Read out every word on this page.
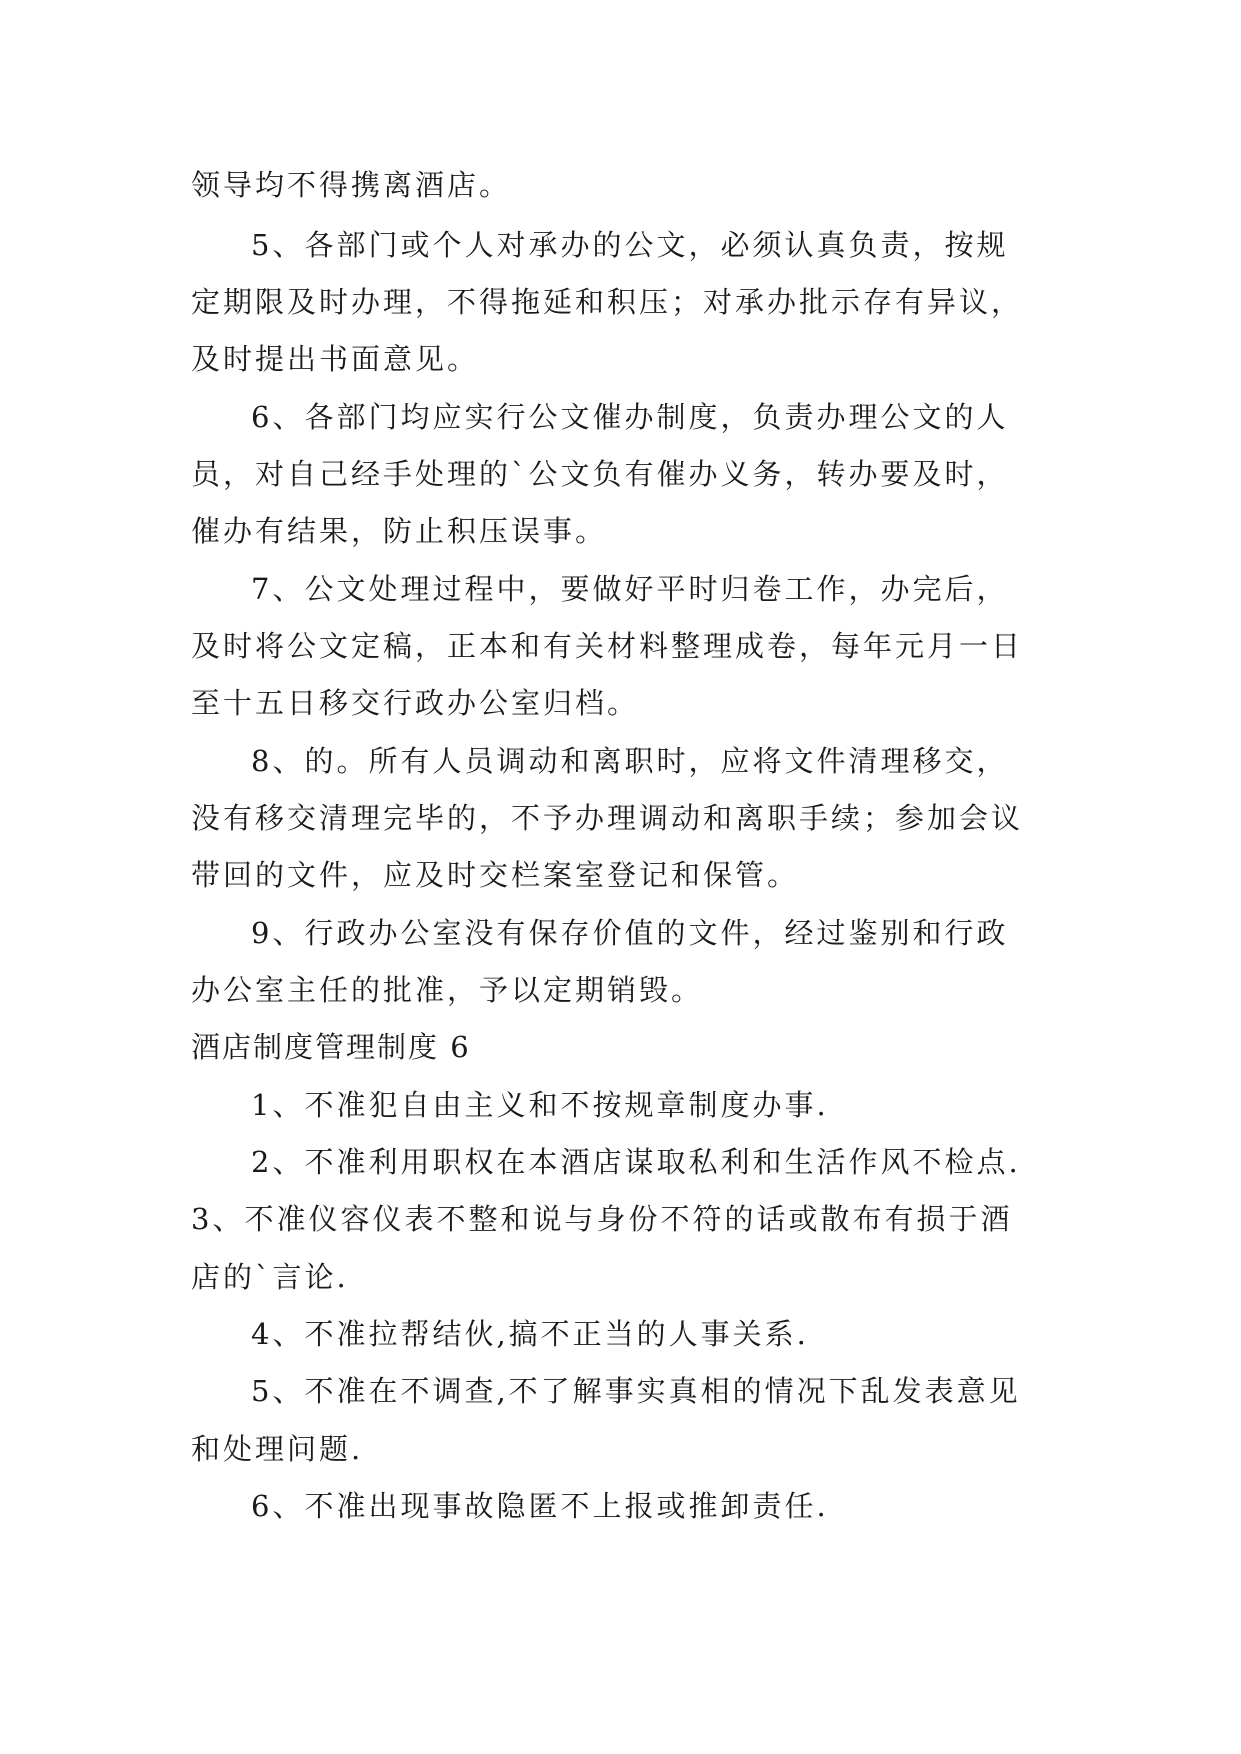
领导均不得携离酒店。
5、各部门或个人对承办的公文，必须认真负责，按规
定期限及时办理，不得拖延和积压；对承办批示存有异议，
及时提出书面意见。
6、各部门均应实行公文催办制度，负责办理公文的人
员，对自己经手处理的`公文负有催办义务，转办要及时，
催办有结果，防止积压误事。
7、公文处理过程中，要做好平时归卷工作，办完后，
及时将公文定稿，正本和有关材料整理成卷，每年元月一日
至十五日移交行政办公室归档。
8、的。所有人员调动和离职时，应将文件清理移交，
没有移交清理完毕的，不予办理调动和离职手续；参加会议
带回的文件，应及时交栏案室登记和保管。
9、行政办公室没有保存价值的文件，经过鉴别和行政
办公室主任的批准，予以定期销毁。
酒店制度管理制度 6
1、不准犯自由主义和不按规章制度办事.
2、不准利用职权在本酒店谋取私利和生活作风不检点.
3、不准仪容仪表不整和说与身份不符的话或散布有损于酒
店的`言论.
4、不准拉帮结伙,搞不正当的人事关系.
5、不准在不调查,不了解事实真相的情况下乱发表意见
和处理问题.
6、不准出现事故隐匿不上报或推卸责任.
